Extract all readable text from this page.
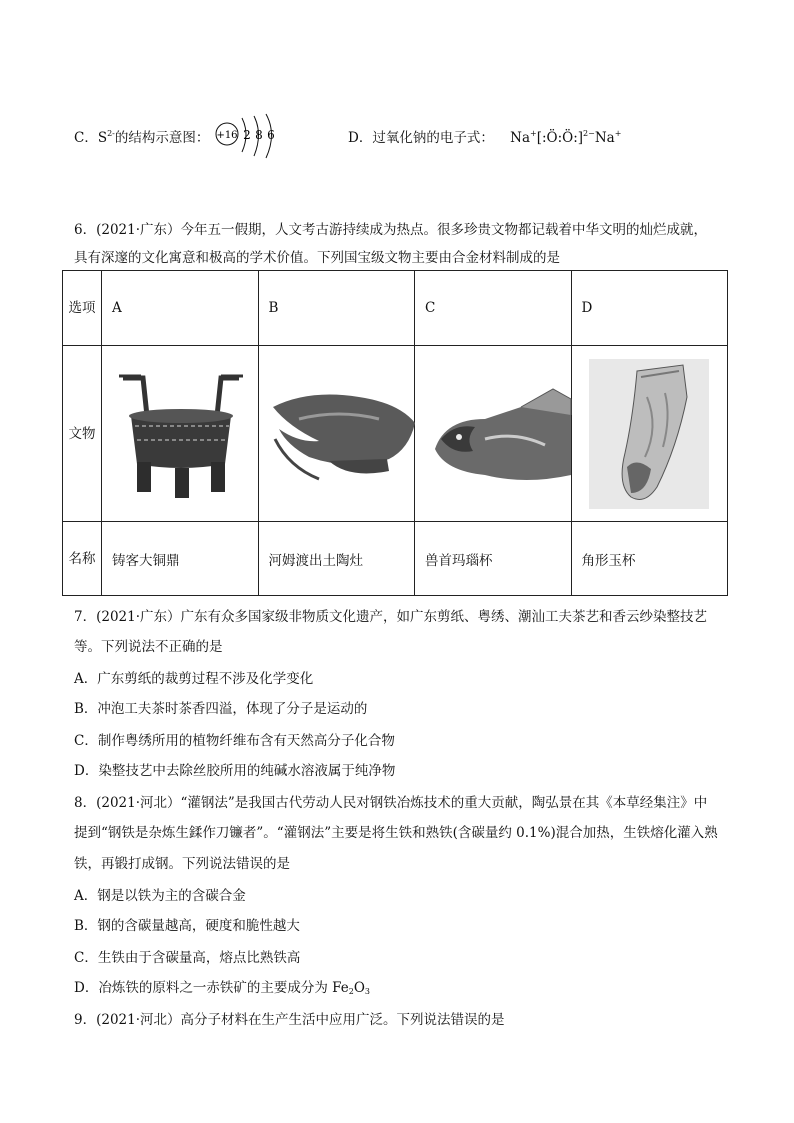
C．$S^{2-}$的结构示意图： +16 2 8 6	D．过氧化钠的电子式： Na+[:Ö:Ö:]$^{2-}$Na+
6．(2021·广东）今年五一假期，人文考古游持续成为热点。很多珍贵文物都记载着中华文明的灿烂成就，
具有深邃的文化寓意和极高的学术价值。下列国宝级文物主要由合金材料制成的是
选项	A	B	C	D
文物	

名称	铸客大铜鼎	河姆渡出土陶灶	兽首玛瑙杯	角形玉杯
7．(2021·广东）广东有众多国家级非物质文化遗产，如广东剪纸、粤绣、潮汕工夫茶艺和香云纱染整技艺
等。下列说法不正确的是
A．广东剪纸的裁剪过程不涉及化学变化
B．冲泡工夫茶时茶香四溢，体现了分子是运动的
C．制作粤绣所用的植物纤维布含有天然高分子化合物
D．染整技艺中去除丝胶所用的纯碱水溶液属于纯净物
8．(2021·河北）“灌钢法”是我国古代劳动人民对钢铁冶炼技术的重大贡献，陶弘景在其《本草经集注》中
提到“钢铁是杂炼生鍒作刀镰者”。“灌钢法”主要是将生铁和熟铁(含碳量约 0.1%)混合加热，生铁熔化灌入熟
铁，再锻打成钢。下列说法错误的是
A．钢是以铁为主的含碳合金
B．钢的含碳量越高，硬度和脆性越大
C．生铁由于含碳量高，熔点比熟铁高
D．冶炼铁的原料之一赤铁矿的主要成分为 $Fe_2O_3$
9．(2021·河北）高分子材料在生产生活中应用广泛。下列说法错误的是
